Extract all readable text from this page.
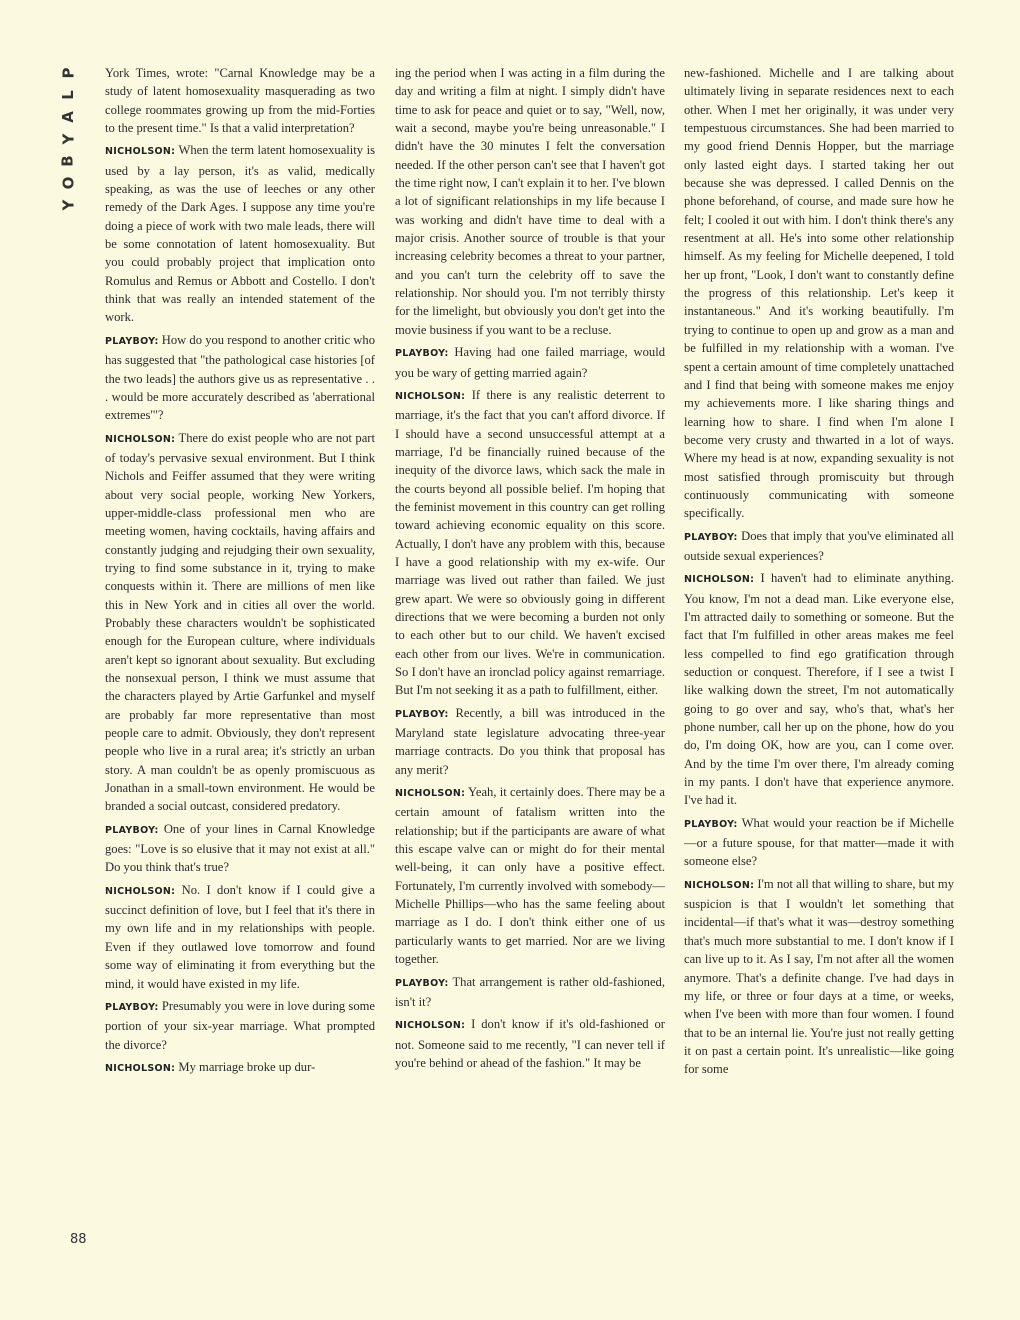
P
L
A
Y
B
O
Y
88

York Times, wrote: "Carnal Knowledge may be a study of latent homosexuality masquerading as two college roommates growing up from the mid-Forties to the present time." Is that a valid interpretation?

NICHOLSON: When the term latent homosexuality is used by a lay person, it's as valid, medically speaking, as was the use of leeches or any other remedy of the Dark Ages. I suppose any time you're doing a piece of work with two male leads, there will be some connotation of latent homosexuality. But you could probably project that implication onto Romulus and Remus or Abbott and Costello. I don't think that was really an intended statement of the work.

PLAYBOY: How do you respond to another critic who has suggested that "the pathological case histories [of the two leads] the authors give us as representative . . . would be more accurately described as 'aberrational extremes'"?

NICHOLSON: There do exist people who are not part of today's pervasive sexual environment. But I think Nichols and Feiffer assumed that they were writing about very social people, working New Yorkers, upper-middle-class professional men who are meeting women, having cocktails, having affairs and constantly judging and rejudging their own sexuality, trying to find some substance in it, trying to make conquests within it. There are millions of men like this in New York and in cities all over the world. Probably these characters wouldn't be sophisticated enough for the European culture, where individuals aren't kept so ignorant about sexuality. But excluding the nonsexual person, I think we must assume that the characters played by Artie Garfunkel and myself are probably far more representative than most people care to admit. Obviously, they don't represent people who live in a rural area; it's strictly an urban story. A man couldn't be as openly promiscuous as Jonathan in a small-town environment. He would be branded a social outcast, considered predatory.

PLAYBOY: One of your lines in Carnal Knowledge goes: "Love is so elusive that it may not exist at all." Do you think that's true?

NICHOLSON: No. I don't know if I could give a succinct definition of love, but I feel that it's there in my own life and in my relationships with people. Even if they outlawed love tomorrow and found some way of eliminating it from everything but the mind, it would have existed in my life.

PLAYBOY: Presumably you were in love during some portion of your six-year marriage. What prompted the divorce?

NICHOLSON: My marriage broke up dur-

ing the period when I was acting in a film during the day and writing a film at night. I simply didn't have time to ask for peace and quiet or to say, "Well, now, wait a second, maybe you're being unreasonable." I didn't have the 30 minutes I felt the conversation needed. If the other person can't see that I haven't got the time right now, I can't explain it to her. I've blown a lot of significant relationships in my life because I was working and didn't have time to deal with a major crisis. Another source of trouble is that your increasing celebrity becomes a threat to your partner, and you can't turn the celebrity off to save the relationship. Nor should you. I'm not terribly thirsty for the limelight, but obviously you don't get into the movie business if you want to be a recluse.

PLAYBOY: Having had one failed marriage, would you be wary of getting married again?

NICHOLSON: If there is any realistic deterrent to marriage, it's the fact that you can't afford divorce. If I should have a second unsuccessful attempt at a marriage, I'd be financially ruined because of the inequity of the divorce laws, which sack the male in the courts beyond all possible belief. I'm hoping that the feminist movement in this country can get rolling toward achieving economic equality on this score. Actually, I don't have any problem with this, because I have a good relationship with my ex-wife. Our marriage was lived out rather than failed. We just grew apart. We were so obviously going in different directions that we were becoming a burden not only to each other but to our child. We haven't excised each other from our lives. We're in communication. So I don't have an ironclad policy against remarriage. But I'm not seeking it as a path to fulfillment, either.

PLAYBOY: Recently, a bill was introduced in the Maryland state legislature advocating three-year marriage contracts. Do you think that proposal has any merit?

NICHOLSON: Yeah, it certainly does. There may be a certain amount of fatalism written into the relationship; but if the participants are aware of what this escape valve can or might do for their mental well-being, it can only have a positive effect. Fortunately, I'm currently involved with somebody—Michelle Phillips—who has the same feeling about marriage as I do. I don't think either one of us particularly wants to get married. Nor are we living together.

PLAYBOY: That arrangement is rather old-fashioned, isn't it?

NICHOLSON: I don't know if it's old-fashioned or not. Someone said to me recently, "I can never tell if you're behind or ahead of the fashion." It may be

new-fashioned. Michelle and I are talking about ultimately living in separate residences next to each other. When I met her originally, it was under very tempestuous circumstances. She had been married to my good friend Dennis Hopper, but the marriage only lasted eight days. I started taking her out because she was depressed. I called Dennis on the phone beforehand, of course, and made sure how he felt; I cooled it out with him. I don't think there's any resentment at all. He's into some other relationship himself. As my feeling for Michelle deepened, I told her up front, "Look, I don't want to constantly define the progress of this relationship. Let's keep it instantaneous." And it's working beautifully. I'm trying to continue to open up and grow as a man and be fulfilled in my relationship with a woman. I've spent a certain amount of time completely unattached and I find that being with someone makes me enjoy my achievements more. I like sharing things and learning how to share. I find when I'm alone I become very crusty and thwarted in a lot of ways. Where my head is at now, expanding sexuality is not most satisfied through promiscuity but through continuously communicating with someone specifically.

PLAYBOY: Does that imply that you've eliminated all outside sexual experiences?

NICHOLSON: I haven't had to eliminate anything. You know, I'm not a dead man. Like everyone else, I'm attracted daily to something or someone. But the fact that I'm fulfilled in other areas makes me feel less compelled to find ego gratification through seduction or conquest. Therefore, if I see a twist I like walking down the street, I'm not automatically going to go over and say, who's that, what's her phone number, call her up on the phone, how do you do, I'm doing OK, how are you, can I come over. And by the time I'm over there, I'm already coming in my pants. I don't have that experience anymore. I've had it.

PLAYBOY: What would your reaction be if Michelle—or a future spouse, for that matter—made it with someone else?

NICHOLSON: I'm not all that willing to share, but my suspicion is that I wouldn't let something that incidental—if that's what it was—destroy something that's much more substantial to me. I don't know if I can live up to it. As I say, I'm not after all the women anymore. That's a definite change. I've had days in my life, or three or four days at a time, or weeks, when I've been with more than four women. I found that to be an internal lie. You're just not really getting it on past a certain point. It's unrealistic—like going for some
